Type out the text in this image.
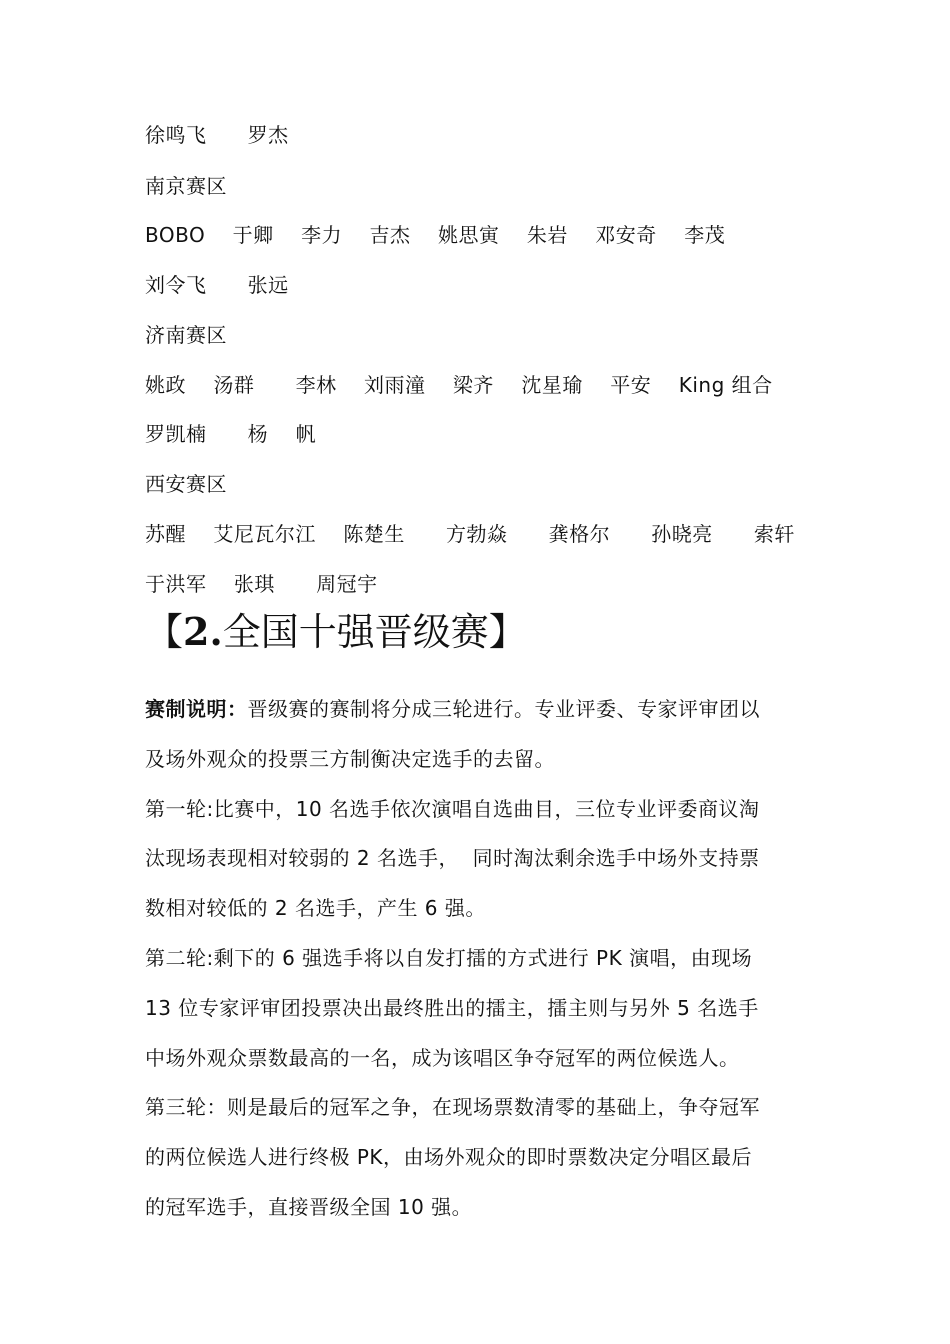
徐鸣飞      罗杰
南京赛区
BOBO    于卿    李力    吉杰    姚思寅    朱岩    邓安奇    李茂
刘令飞      张远
济南赛区
姚政    汤群      李林    刘雨潼    梁齐    沈星瑜    平安    King 组合
罗凯楠      杨    帆
西安赛区
苏醒    艾尼瓦尔江    陈楚生      方勃焱      龚格尔      孙晓亮      索轩
于洪军    张琪      周冠宇
【2.全国十强晋级赛】
赛制说明：晋级赛的赛制将分成三轮进行。专业评委、专家评审团以
及场外观众的投票三方制衡决定选手的去留。
第一轮:比赛中，10 名选手依次演唱自选曲目，三位专业评委商议淘
汰现场表现相对较弱的 2 名选手，  同时淘汰剩余选手中场外支持票
数相对较低的 2 名选手，产生 6 强。
第二轮:剩下的 6 强选手将以自发打擂的方式进行 PK 演唱，由现场
13 位专家评审团投票决出最终胜出的擂主，擂主则与另外 5 名选手
中场外观众票数最高的一名，成为该唱区争夺冠军的两位候选人。
第三轮：则是最后的冠军之争，在现场票数清零的基础上，争夺冠军
的两位候选人进行终极 PK，由场外观众的即时票数决定分唱区最后
的冠军选手，直接晋级全国 10 强。
